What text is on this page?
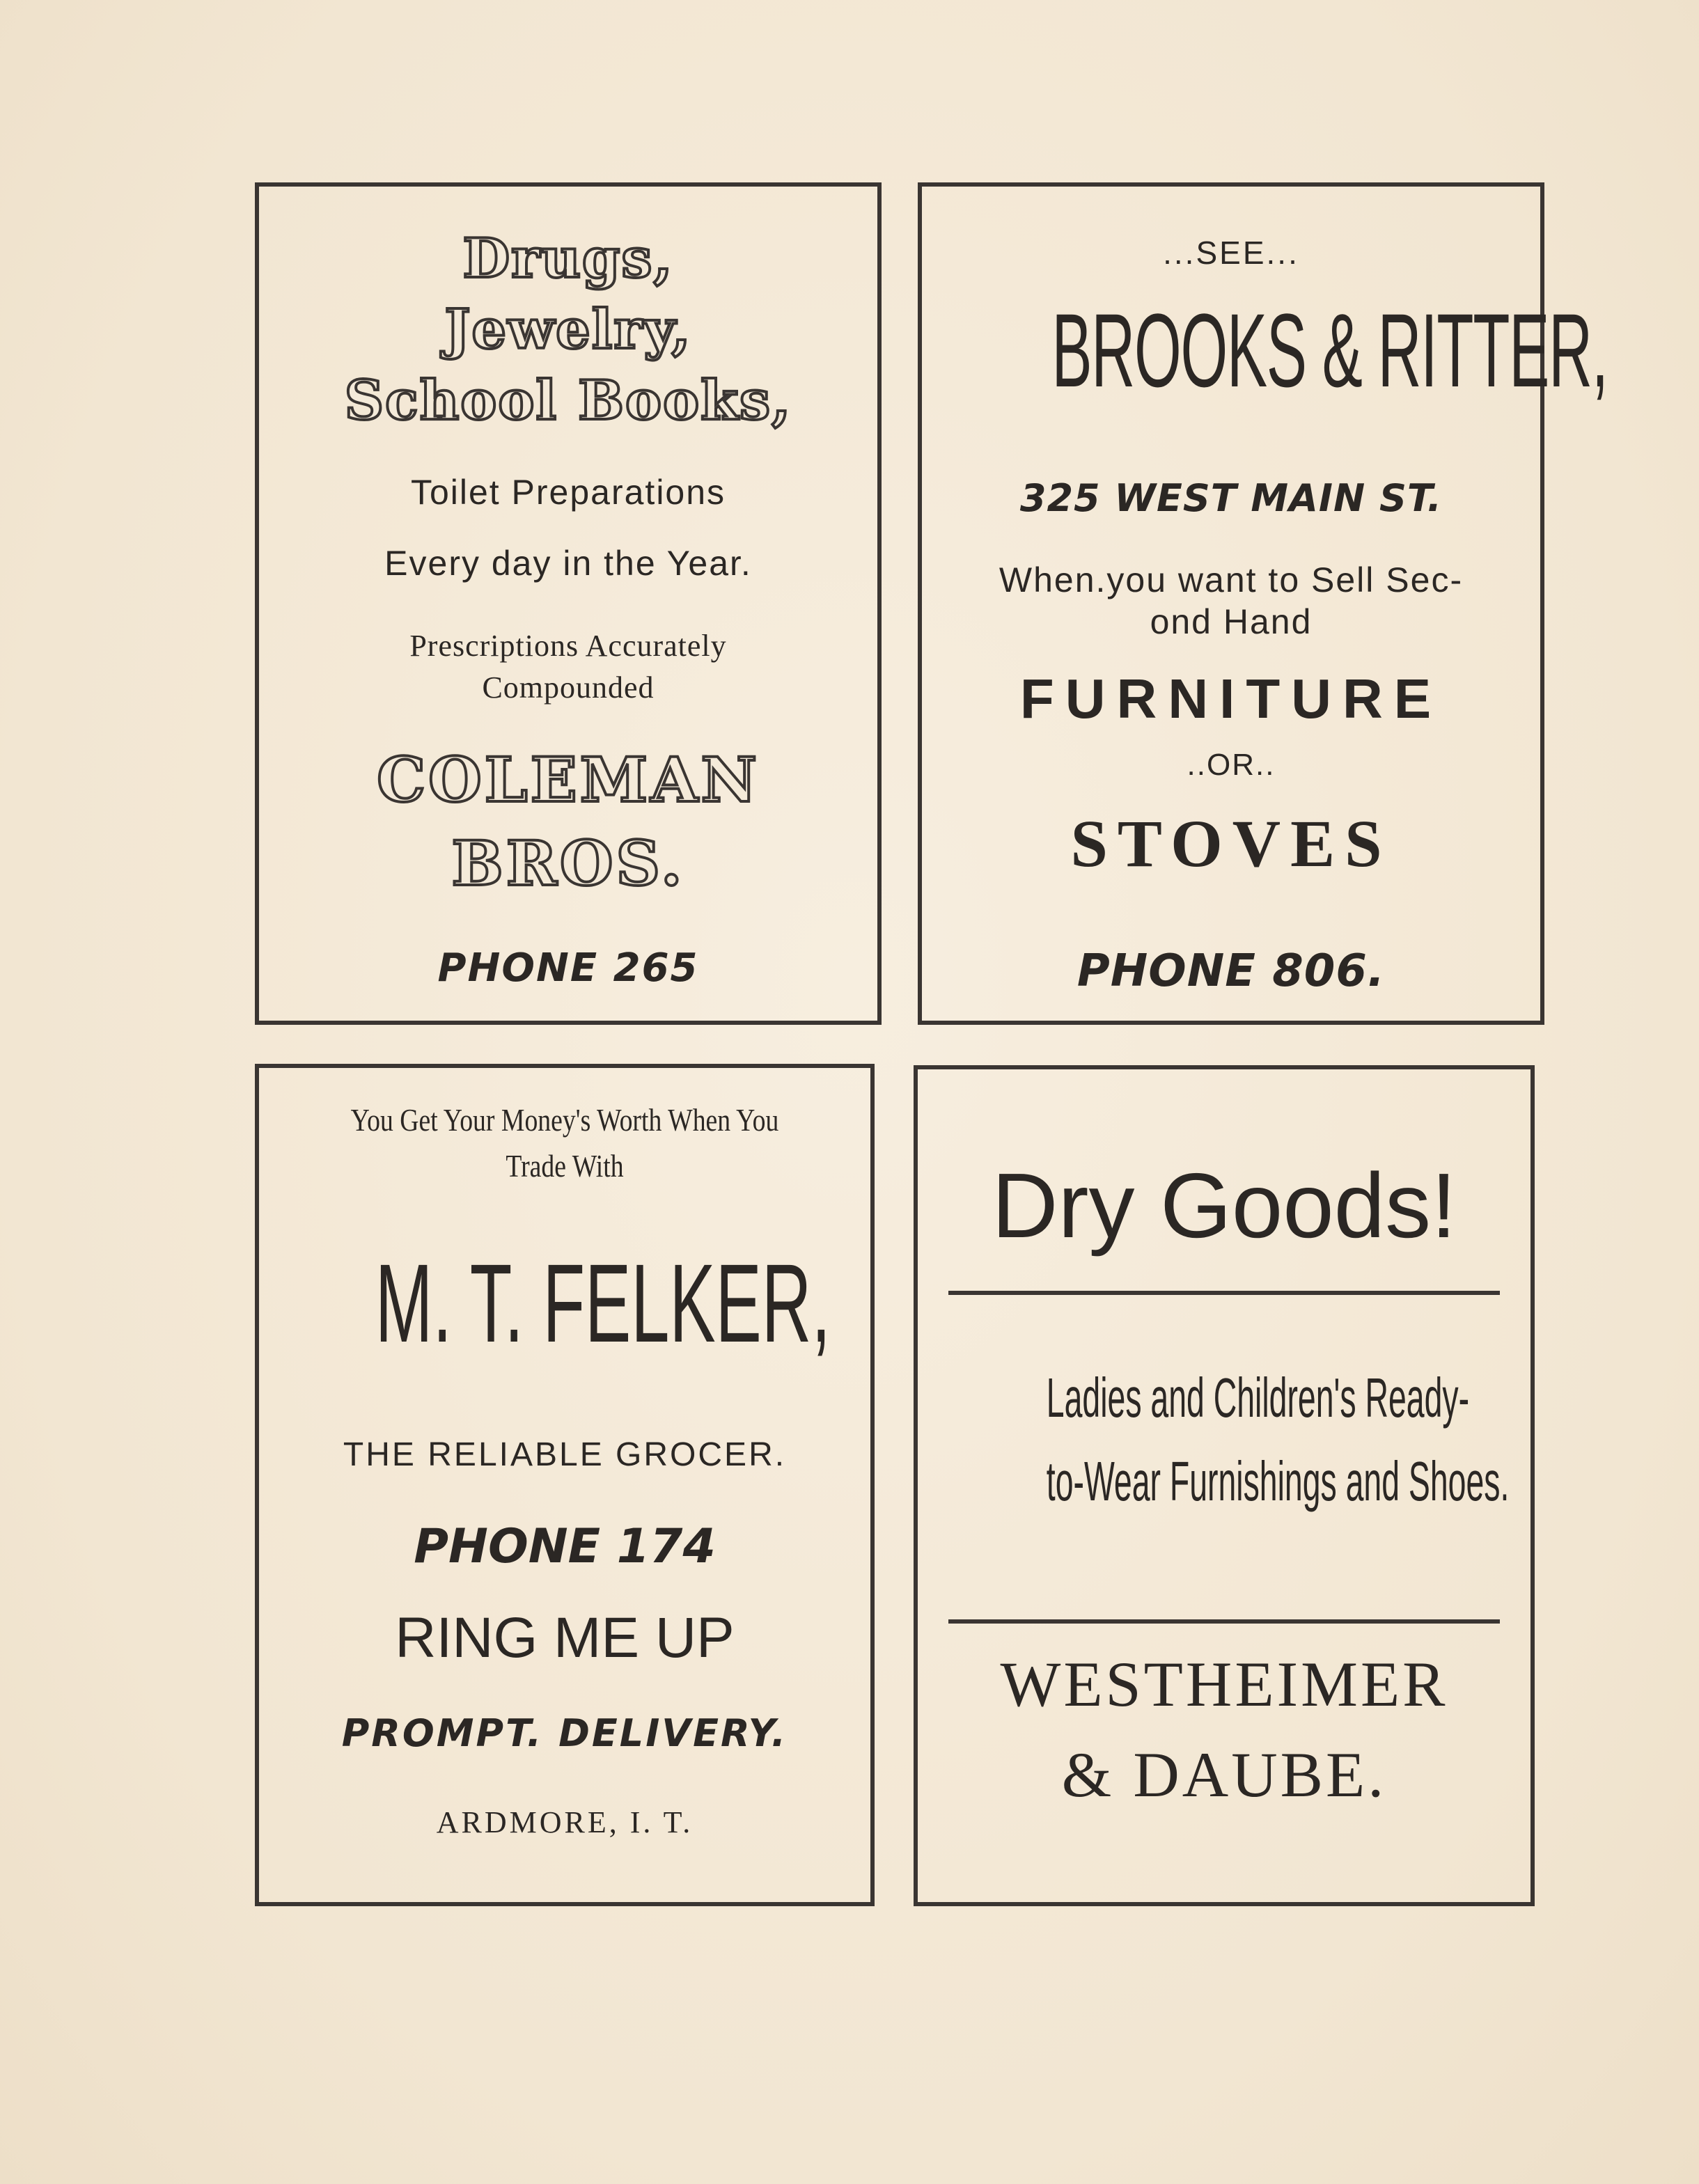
Drugs,
Jewelry,
School Books,
Toilet Preparations
Every day in the Year.
Prescriptions Accurately
Compounded
COLEMAN
BROS.
PHONE 265
...SEE...
BROOKS & RITTER,
325 WEST MAIN ST.
When.you want to Sell Sec-
ond Hand
FURNITURE
..OR..
STOVES
PHONE 806.
You Get Your Money's Worth When You
Trade With
M. T. FELKER,
THE RELIABLE GROCER.
PHONE 174
RING ME UP
PROMPT. DELIVERY.
ARDMORE, I. T.
Dry Goods!
Ladies and Children's Ready-
to-Wear Furnishings and Shoes.
WESTHEIMER
& DAUBE.
